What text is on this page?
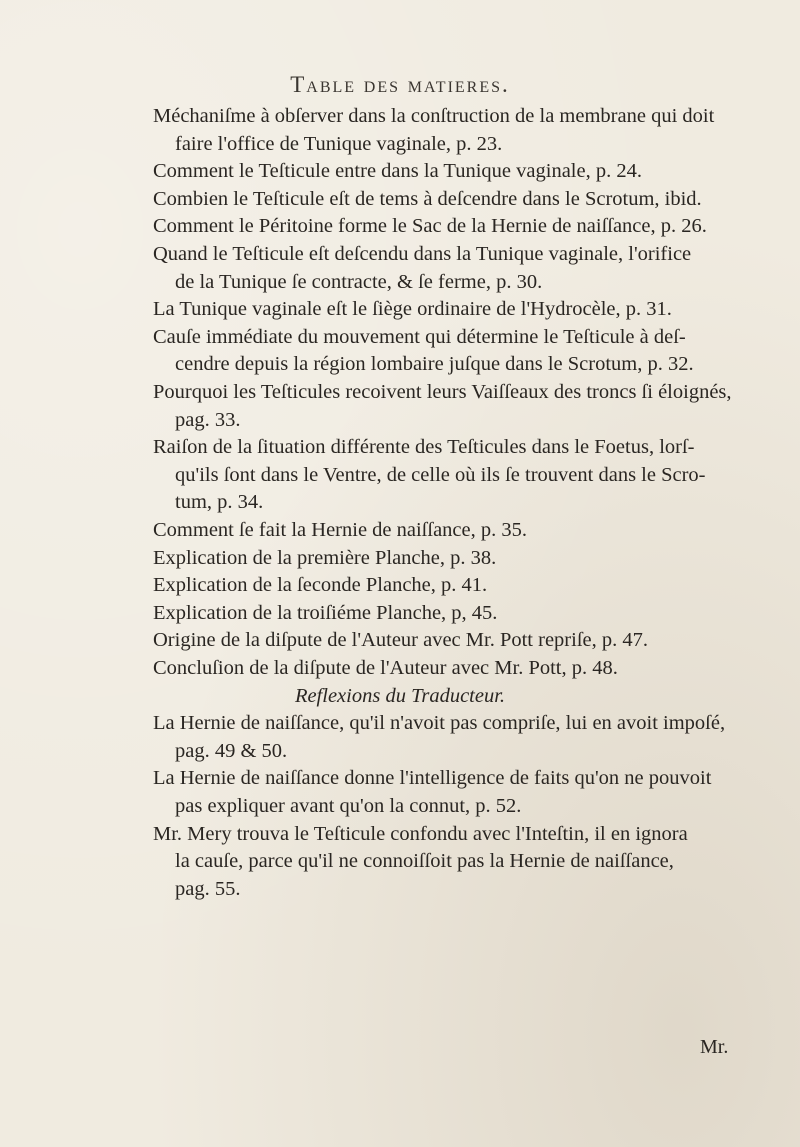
Table des matieres.
Méchaniſme à obſerver dans la conſtruction de la membrane qui doit
faire l'office de Tunique vaginale, p. 23.
Comment le Teſticule entre dans la Tunique vaginale, p. 24.
Combien le Teſticule eſt de tems à deſcendre dans le Scrotum, ibid.
Comment le Péritoine forme le Sac de la Hernie de naiſſance, p. 26.
Quand le Teſticule eſt deſcendu dans la Tunique vaginale, l'orifice
de la Tunique ſe contracte, & ſe ferme, p. 30.
La Tunique vaginale eſt le ſiège ordinaire de l'Hydrocèle, p. 31.
Cauſe immédiate du mouvement qui détermine le Teſticule à deſ-
cendre depuis la région lombaire juſque dans le Scrotum, p. 32.
Pourquoi les Teſticules recoivent leurs Vaiſſeaux des troncs ſi éloignés,
pag. 33.
Raiſon de la ſituation différente des Teſticules dans le Foetus, lorſ-
qu'ils ſont dans le Ventre, de celle où ils ſe trouvent dans le Scro-
tum, p. 34.
Comment ſe fait la Hernie de naiſſance, p. 35.
Explication de la première Planche, p. 38.
Explication de la ſeconde Planche, p. 41.
Explication de la troiſiéme Planche, p, 45.
Origine de la diſpute de l'Auteur avec Mr. Pott repriſe, p. 47.
Concluſion de la diſpute de l'Auteur avec Mr. Pott, p. 48.
Reflexions du Traducteur.
La Hernie de naiſſance, qu'il n'avoit pas compriſe, lui en avoit impoſé,
pag. 49 & 50.
La Hernie de naiſſance donne l'intelligence de faits qu'on ne pouvoit
pas expliquer avant qu'on la connut, p. 52.
Mr. Mery trouva le Teſticule confondu avec l'Inteſtin, il en ignora
la cauſe, parce qu'il ne connoiſſoit pas la Hernie de naiſſance,
pag. 55.
Mr.
